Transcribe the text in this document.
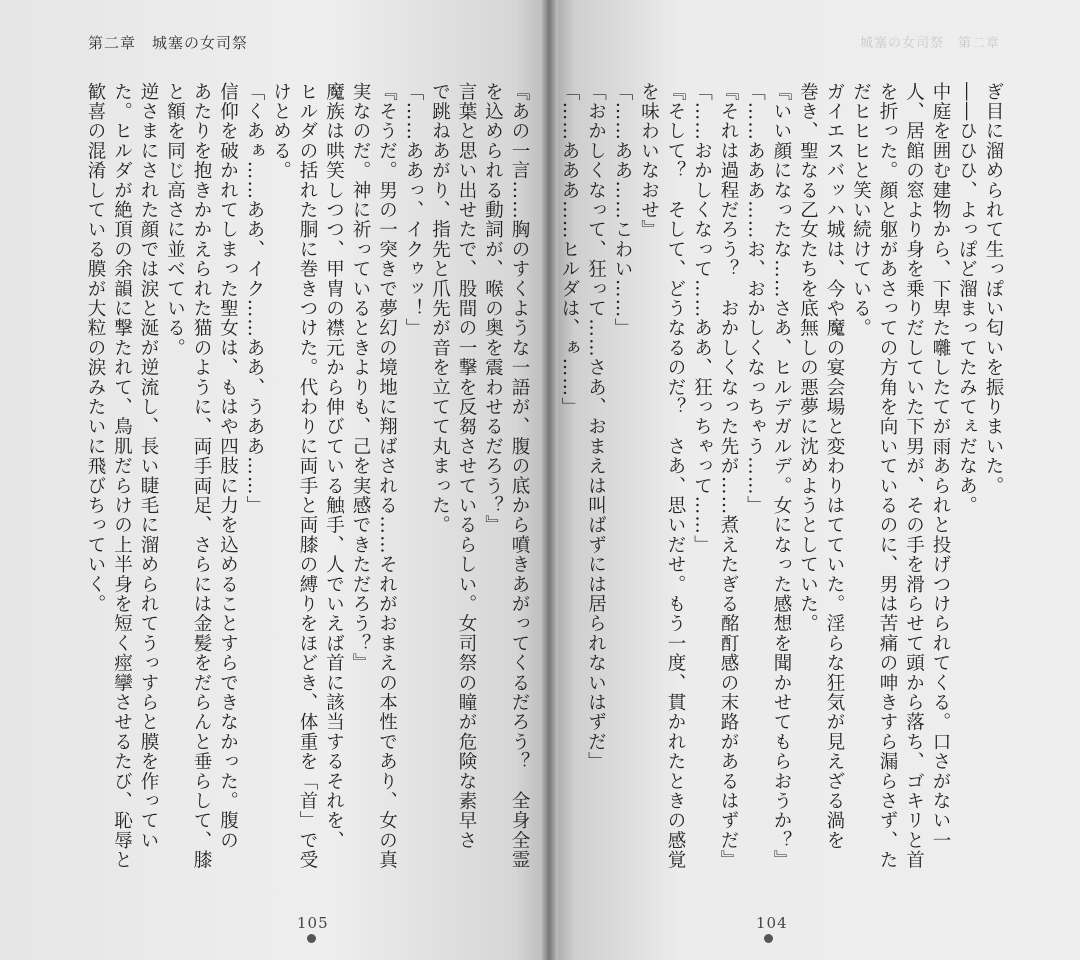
第二章　城塞の女司祭
『あの一言……胸のすくような一語が、腹の底から噴きあがってくるだろう？　全身全霊
を込められる動詞が、喉の奥を震わせるだろう？』
言葉と思い出せたで、股間の一撃を反芻させているらしい。女司祭の瞳が危険な素早さ
で跳ねあがり、指先と爪先が音を立てて丸まった。
「……ああっ、イクゥッ！」
『そうだ。男の一突きで夢幻の境地に翔ばされる……それがおまえの本性であり、女の真
実なのだ。神に祈っているときよりも、己を実感できただろう？』
魔族は哄笑しつつ、甲冑の襟元から伸びている触手、人でいえば首に該当するそれを、
ヒルダの括れた胴に巻きつけた。代わりに両手と両膝の縛りをほどき、体重を「首」で受
けとめる。
「くあぁ……ああ、イク……ああ、うああ……」
信仰を破かれてしまった聖女は、もはや四肢に力を込めることすらできなかった。腹の
あたりを抱きかかえられた猫のように、両手両足、さらには金髪をだらんと垂らして、膝
と額を同じ高さに並べている。
逆さまにされた顔では涙と涎が逆流し、長い睫毛に溜められてうっすらと膜を作ってい
た。ヒルダが絶頂の余韻に撃たれて、鳥肌だらけの上半身を短く痙攣させるたび、恥辱と
歓喜の混淆している膜が大粒の涙みたいに飛びちっていく。
105
城塞の女司祭　第二章
ぎ目に溜められて生っぽい匂いを振りまいた。
――ひひひ、よっぽど溜まってたみてぇだなあ。
中庭を囲む建物から、下卑た囃したてが雨あられと投げつけられてくる。口さがない一
人、居館の窓より身を乗りだしていた下男が、その手を滑らせて頭から落ち、ゴキリと首
を折った。顔と躯があさっての方角を向いているのに、男は苦痛の呻きすら漏らさず、た
だヒヒヒと笑い続けている。
ガイエスバッハ城は、今や魔の宴会場と変わりはてていた。淫らな狂気が見えざる渦を
巻き、聖なる乙女たちを底無しの悪夢に沈めようとしていた。
『いい顔になったな……さあ、ヒルデガルデ。女になった感想を聞かせてもらおうか？』
「……あああ……お、おかしくなっちゃう……」
『それは過程だろう？　おかしくなった先が……煮えたぎる酩酊感の末路があるはずだ』
「……おかしくなって……ああ、狂っちゃって……」
『そして？　そして、どうなるのだ？　さあ、思いだせ。もう一度、貫かれたときの感覚
を味わいなおせ』
「……ああ……こわい……」
「おかしくなって、狂って……さあ、おまえは叫ばずには居られないはずだ」
「……あああ……ヒルダは、ぁ……」
104
